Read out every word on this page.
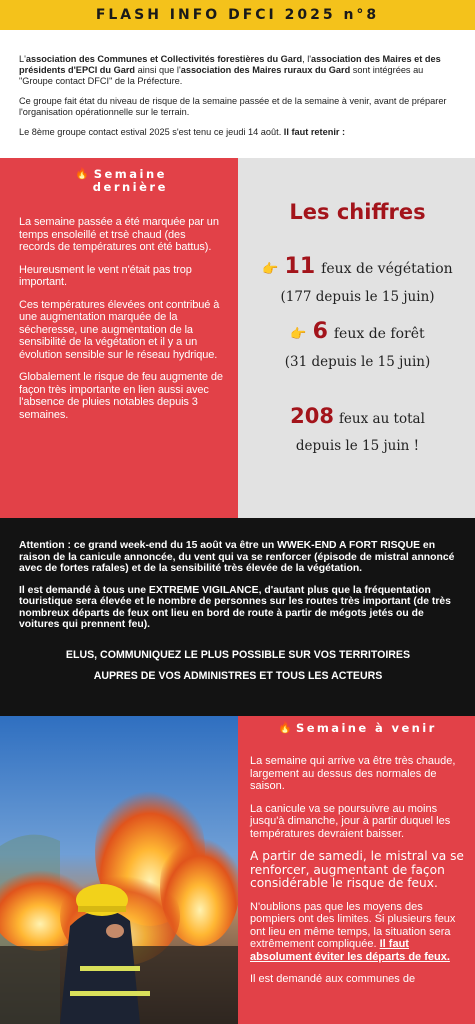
FLASH INFO DFCI 2025 n°8

L'association des Communes et Collectivités forestières du Gard, l'association des Maires et des présidents d'EPCI du Gard ainsi que l'association des Maires ruraux du Gard sont intégrées au "Groupe contact DFCI" de la Préfecture.

Ce groupe fait état du niveau de risque de la semaine passée et de la semaine à venir, avant de préparer l'organisation opérationnelle sur le terrain.

Le 8ème groupe contact estival 2025 s'est tenu ce jeudi 14 août. Il faut retenir :

🔥 Semaine
dernière

La semaine passée a été marquée par un temps ensoleillé et trsè chaud (des records de températures ont été battus).

Heureusment le vent n'était pas trop important.

Ces températures élevées ont contribué à une augmentation marquée de la sécheresse, une augmentation de la sensibilité de la végétation et il y a un évolution sensible sur le réseau hydrique.

Globalement le risque de feu augmente de façon très importante en lien aussi avec l'absence de pluies notables depuis 3 semaines.

Les chiffres
👉 11 feux de végétation
(177 depuis le 15 juin)
👉 6 feux de forêt
(31 depuis le 15 juin)
208 feux au total
depuis le 15 juin !

Attention : ce grand week-end du 15 août va être un WWEK-END A FORT RISQUE en raison de la canicule annoncée, du vent qui va se renforcer (épisode de mistral annoncé avec de fortes rafales) et de la sensibilité très élevée de la végétation.

Il est demandé à tous une EXTREME VIGILANCE, d'autant plus que la fréquentation touristique sera élevée et le nombre de personnes sur les routes très important (de très nombreux départs de feux ont lieu en bord de route à partir de mégots jetés ou de voitures qui prennent feu).

ELUS, COMMUNIQUEZ LE PLUS POSSIBLE SUR VOS TERRITOIRES
AUPRES DE VOS ADMINISTRES ET TOUS LES ACTEURS
🔥 Semaine à venir

La semaine qui arrive va être très chaude, largement au dessus des normales de saison.

La canicule va se poursuivre au moins jusqu'à dimanche, jour à partir duquel les températures devraient baisser.

A partir de samedi, le mistral va se renforcer, augmentant de façon considérable le risque de feux.

N'oublions pas que les moyens des pompiers ont des limites. Si plusieurs feux ont lieu en même temps, la situation sera extrêmement compliquée. Il faut absolument éviter les départs de feux.

Il est demandé aux communes de
